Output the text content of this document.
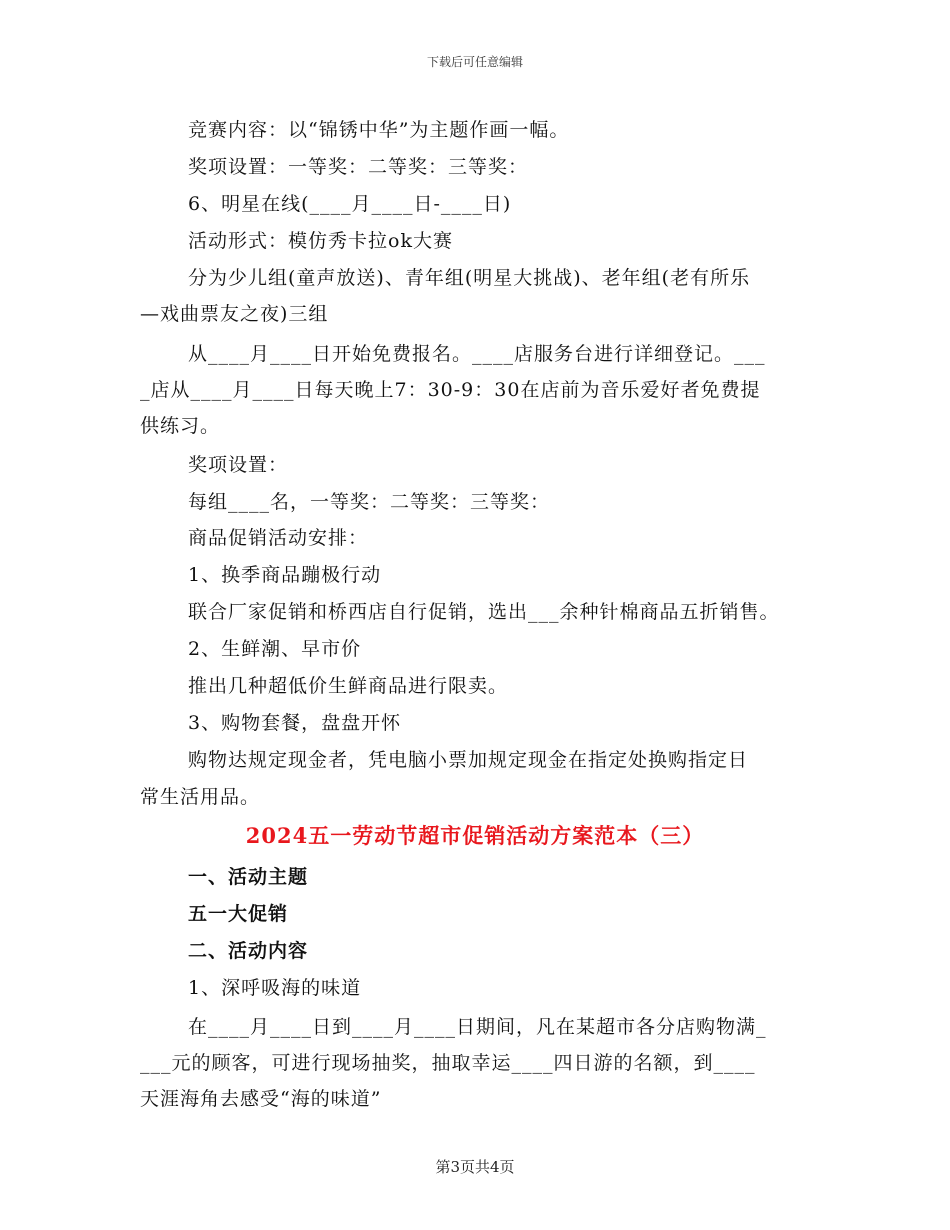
下载后可任意编辑
竞赛内容：以“锦锈中华”为主题作画一幅。
奖项设置：一等奖：二等奖：三等奖：
6、明星在线(____月____日-____日)
活动形式：模仿秀卡拉ok大赛
分为少儿组(童声放送)、青年组(明星大挑战)、老年组(老有所乐
—戏曲票友之夜)三组
从____月____日开始免费报名。____店服务台进行详细登记。___
_店从____月____日每天晚上7：30-9：30在店前为音乐爱好者免费提
供练习。
奖项设置：
每组____名，一等奖：二等奖：三等奖：
商品促销活动安排：
1、换季商品蹦极行动
联合厂家促销和桥西店自行促销，选出___余种针棉商品五折销售。
2、生鲜潮、早市价
推出几种超低价生鲜商品进行限卖。
3、购物套餐，盘盘开怀
购物达规定现金者，凭电脑小票加规定现金在指定处换购指定日
常生活用品。
2024五一劳动节超市促销活动方案范本（三）
一、活动主题
五一大促销
二、活动内容
1、深呼吸海的味道
在____月____日到____月____日期间，凡在某超市各分店购物满_
___元的顾客，可进行现场抽奖，抽取幸运____四日游的名额，到____
天涯海角去感受“海的味道”
第3页共4页
